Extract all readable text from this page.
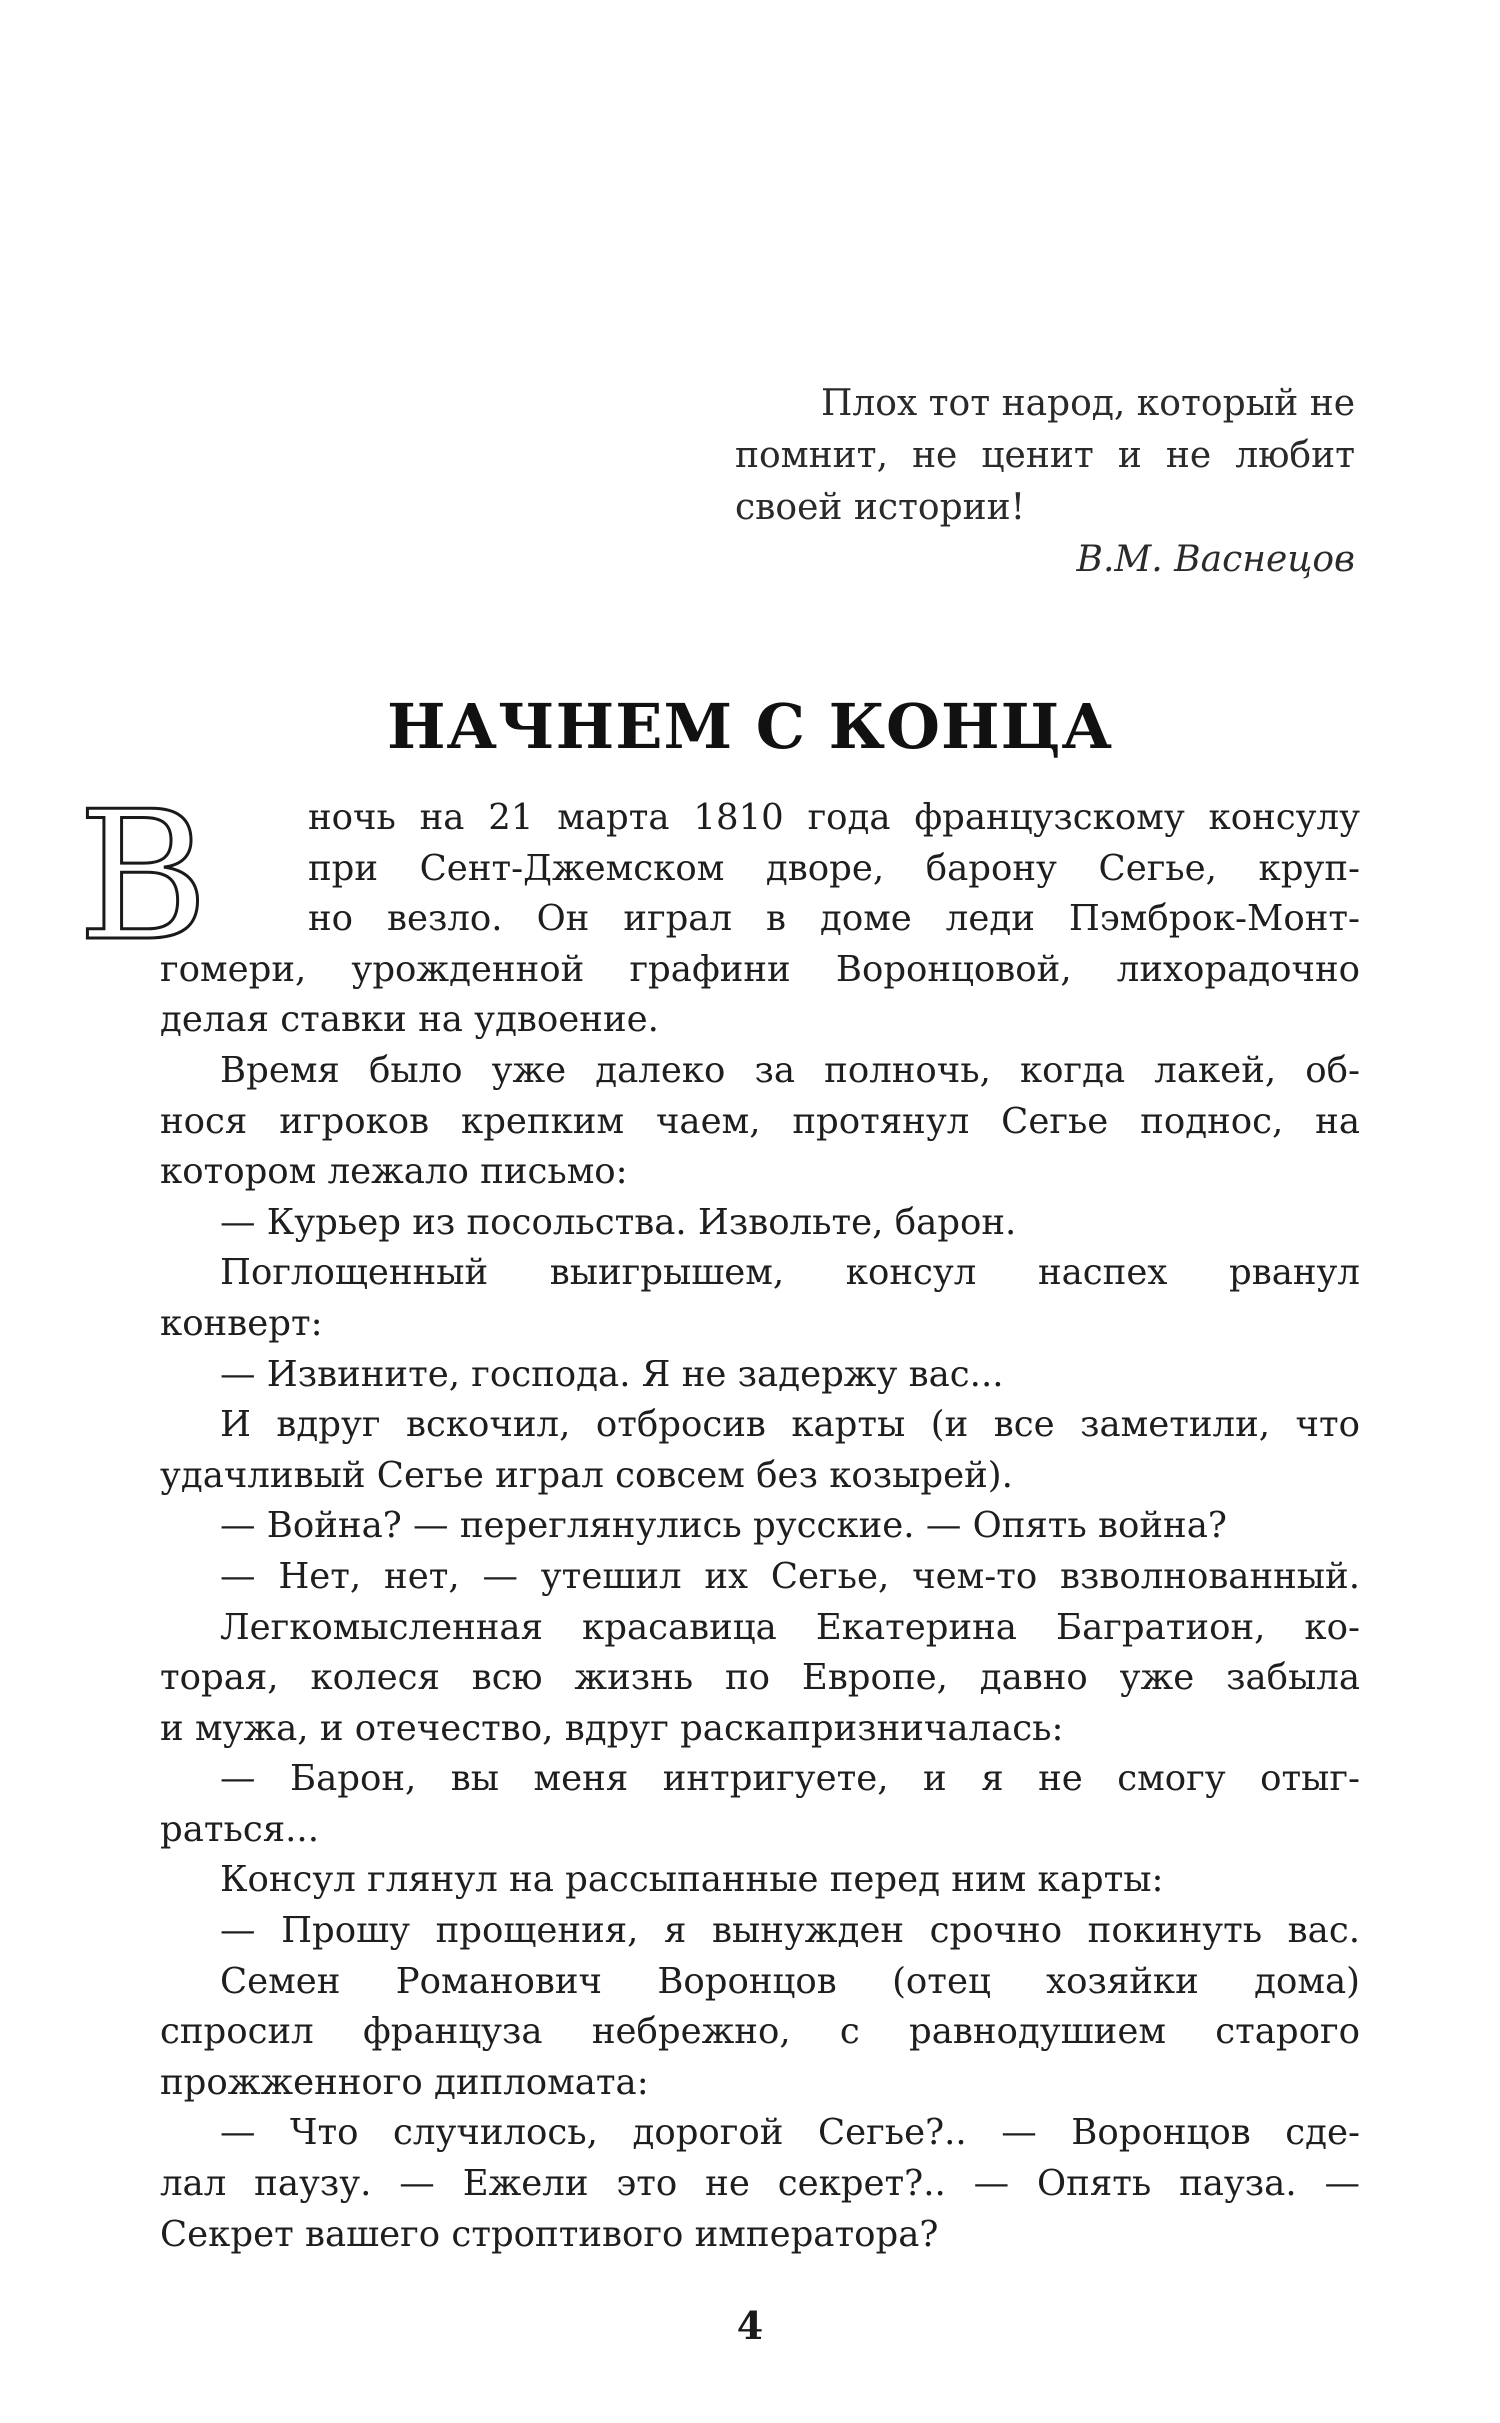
Плох тот народ, который не
помнит, не ценит и не любит
своей истории!
В.М. Васнецов
НАЧНЕМ С КОНЦА
В	ночь на 21 марта 1810 года французскому консулу
при Сент-Джемском дворе, барону Сегье, круп-
но везло. Он играл в доме леди Пэмброк-Монт-
гомери, урожденной графини Воронцовой, лихорадочно
делая ставки на удвоение.
Время было уже далеко за полночь, когда лакей, об-
нося игроков крепким чаем, протянул Сегье поднос, на
котором лежало письмо:
— Курьер из посольства. Извольте, барон.
Поглощенный выигрышем, консул наспех рванул
конверт:
— Извините, господа. Я не задержу вас...
И вдруг вскочил, отбросив карты (и все заметили, что
удачливый Сегье играл совсем без козырей).
— Война? — переглянулись русские. — Опять война?
— Нет, нет, — утешил их Сегье, чем-то взволнованный.
Легкомысленная красавица Екатерина Багратион, ко-
торая, колеся всю жизнь по Европе, давно уже забыла
и мужа, и отечество, вдруг раскапризничалась:
— Барон, вы меня интригуете, и я не смогу отыг-
раться...
Консул глянул на рассыпанные перед ним карты:
— Прошу прощения, я вынужден срочно покинуть вас.
Семен Романович Воронцов (отец хозяйки дома)
спросил француза небрежно, с равнодушием старого
прожженного дипломата:
— Что случилось, дорогой Сегье?.. — Воронцов сде-
лал паузу. — Ежели это не секрет?.. — Опять пауза. —
Секрет вашего строптивого императора?
4
